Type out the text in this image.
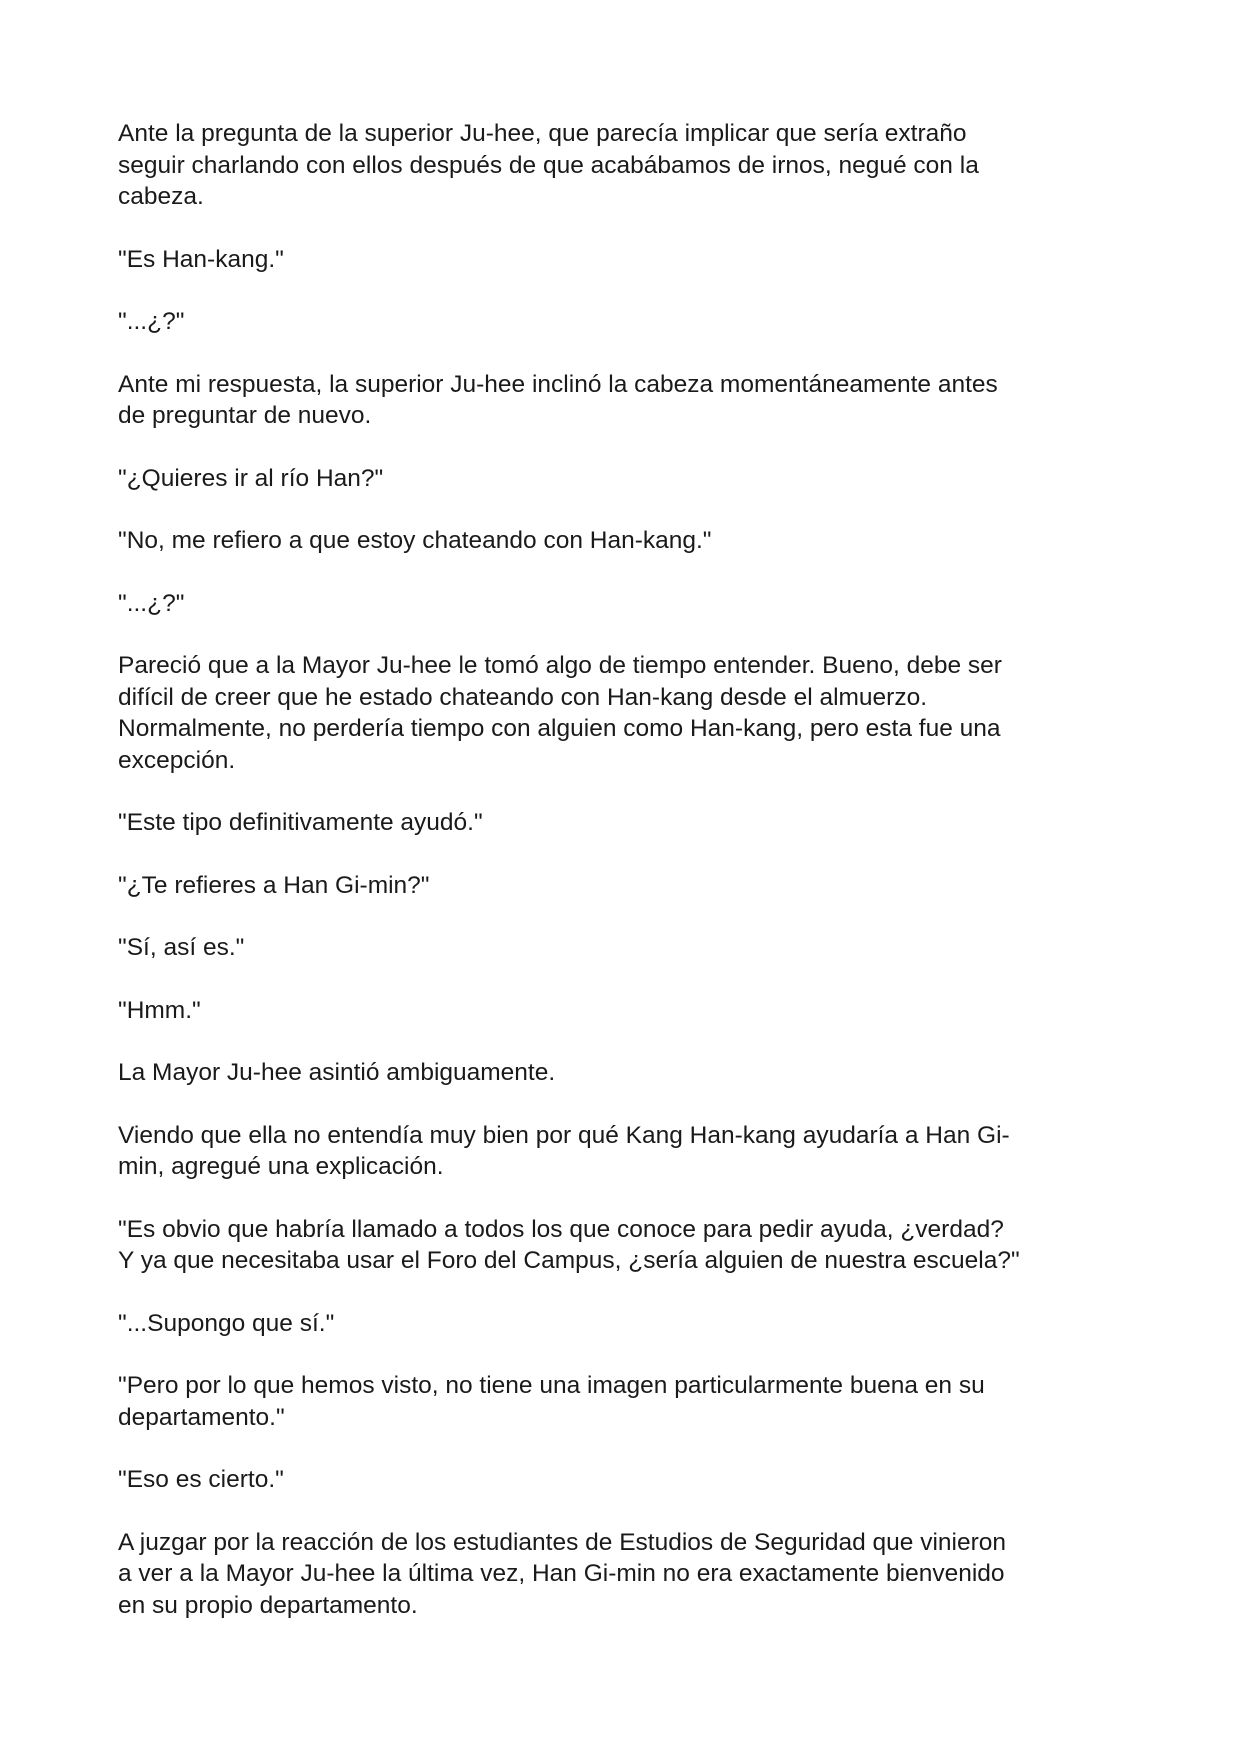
Ante la pregunta de la superior Ju-hee, que parecía implicar que sería extraño
seguir charlando con ellos después de que acabábamos de irnos, negué con la
cabeza.

"Es Han-kang."

"...¿?"

Ante mi respuesta, la superior Ju-hee inclinó la cabeza momentáneamente antes
de preguntar de nuevo.

"¿Quieres ir al río Han?"

"No, me refiero a que estoy chateando con Han-kang."

"...¿?"

Pareció que a la Mayor Ju-hee le tomó algo de tiempo entender. Bueno, debe ser
difícil de creer que he estado chateando con Han-kang desde el almuerzo.
Normalmente, no perdería tiempo con alguien como Han-kang, pero esta fue una
excepción.

"Este tipo definitivamente ayudó."

"¿Te refieres a Han Gi-min?"

"Sí, así es."

"Hmm."

La Mayor Ju-hee asintió ambiguamente.

Viendo que ella no entendía muy bien por qué Kang Han-kang ayudaría a Han Gi-
min, agregué una explicación.

"Es obvio que habría llamado a todos los que conoce para pedir ayuda, ¿verdad?
Y ya que necesitaba usar el Foro del Campus, ¿sería alguien de nuestra escuela?"

"...Supongo que sí."

"Pero por lo que hemos visto, no tiene una imagen particularmente buena en su
departamento."

"Eso es cierto."

A juzgar por la reacción de los estudiantes de Estudios de Seguridad que vinieron
a ver a la Mayor Ju-hee la última vez, Han Gi-min no era exactamente bienvenido
en su propio departamento.
